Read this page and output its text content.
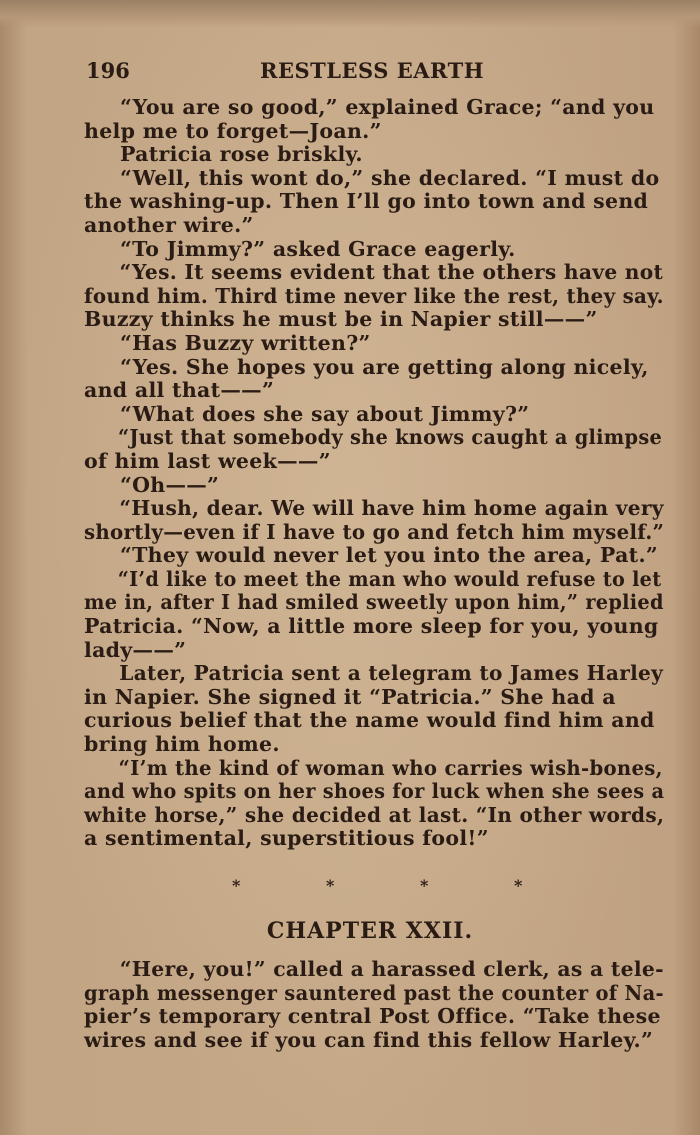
196	RESTLESS EARTH
“You are so good,” explained Grace; “and you
help me to forget—Joan.”
Patricia rose briskly.
“Well, this wont do,” she declared. “I must do
the washing-up. Then I’ll go into town and send
another wire.”
“To Jimmy?” asked Grace eagerly.
“Yes. It seems evident that the others have not
found him. Third time never like the rest, they say.
Buzzy thinks he must be in Napier still——”
“Has Buzzy written?”
“Yes. She hopes you are getting along nicely,
and all that——”
“What does she say about Jimmy?”
“Just that somebody she knows caught a glimpse
of him last week——”
“Oh——”
“Hush, dear. We will have him home again very
shortly—even if I have to go and fetch him myself.”
“They would never let you into the area, Pat.”
“I’d like to meet the man who would refuse to let
me in, after I had smiled sweetly upon him,” replied
Patricia. “Now, a little more sleep for you, young
lady——”
Later, Patricia sent a telegram to James Harley
in Napier. She signed it “Patricia.” She had a
curious belief that the name would find him and
bring him home.
“I’m the kind of woman who carries wish-bones,
and who spits on her shoes for luck when she sees a
white horse,” she decided at last. “In other words,
a sentimental, superstitious fool!”
*	*	*	*
CHAPTER XXII.
“Here, you!” called a harassed clerk, as a tele-
graph messenger sauntered past the counter of Na-
pier’s temporary central Post Office. “Take these
wires and see if you can find this fellow Harley.”
